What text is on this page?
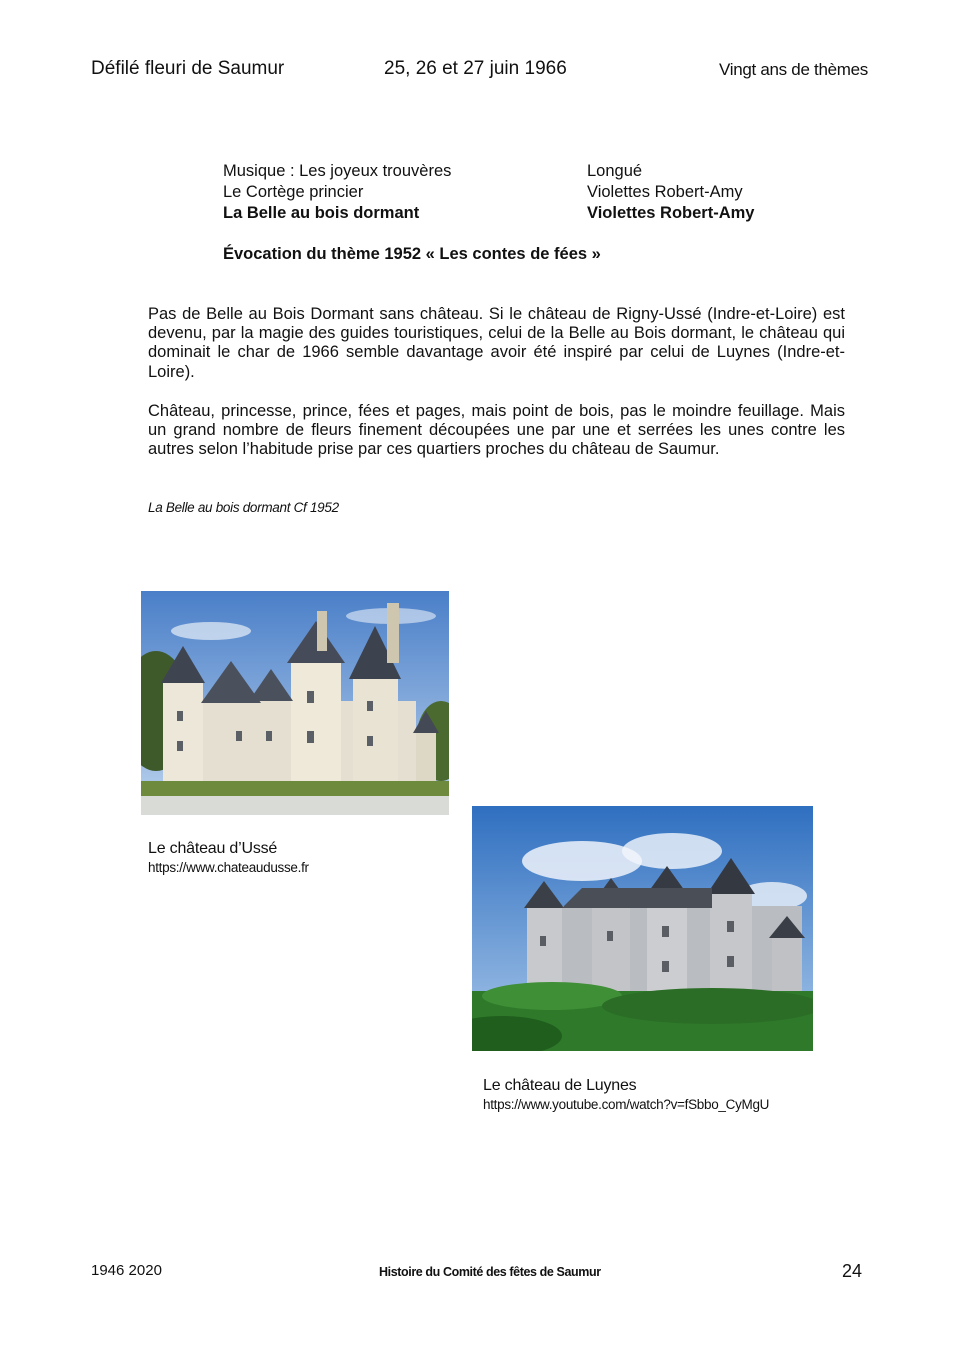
Défilé fleuri de Saumur	25, 26 et 27 juin 1966	Vingt ans de thèmes
Musique : Les joyeux trouvères	Longué
Le Cortège princier	Violettes Robert-Amy
La Belle au bois dormant	Violettes Robert-Amy
Évocation du thème 1952 « Les contes de fées »

Pas de Belle au Bois Dormant sans château. Si le château de Rigny-Ussé (Indre-et-Loire) est devenu, par la magie des guides touristiques, celui de la Belle au Bois dormant, le château qui dominait le char de 1966 semble davantage avoir été inspiré par celui de Luynes (Indre-et-Loire).

Château, princesse, prince, fées et pages, mais point de bois, pas le moindre feuillage. Mais un grand nombre de fleurs finement découpées une par une et serrées les unes contre les autres selon l’habitude prise par ces quartiers proches du château de Saumur.

La Belle au bois dormant Cf 1952
Le château d’Ussé
https://www.chateaudusse.fr
Le château de Luynes
https://www.youtube.com/watch?v=fSbbo_CyMgU
1946 2020	Histoire du Comité des fêtes de Saumur	24
